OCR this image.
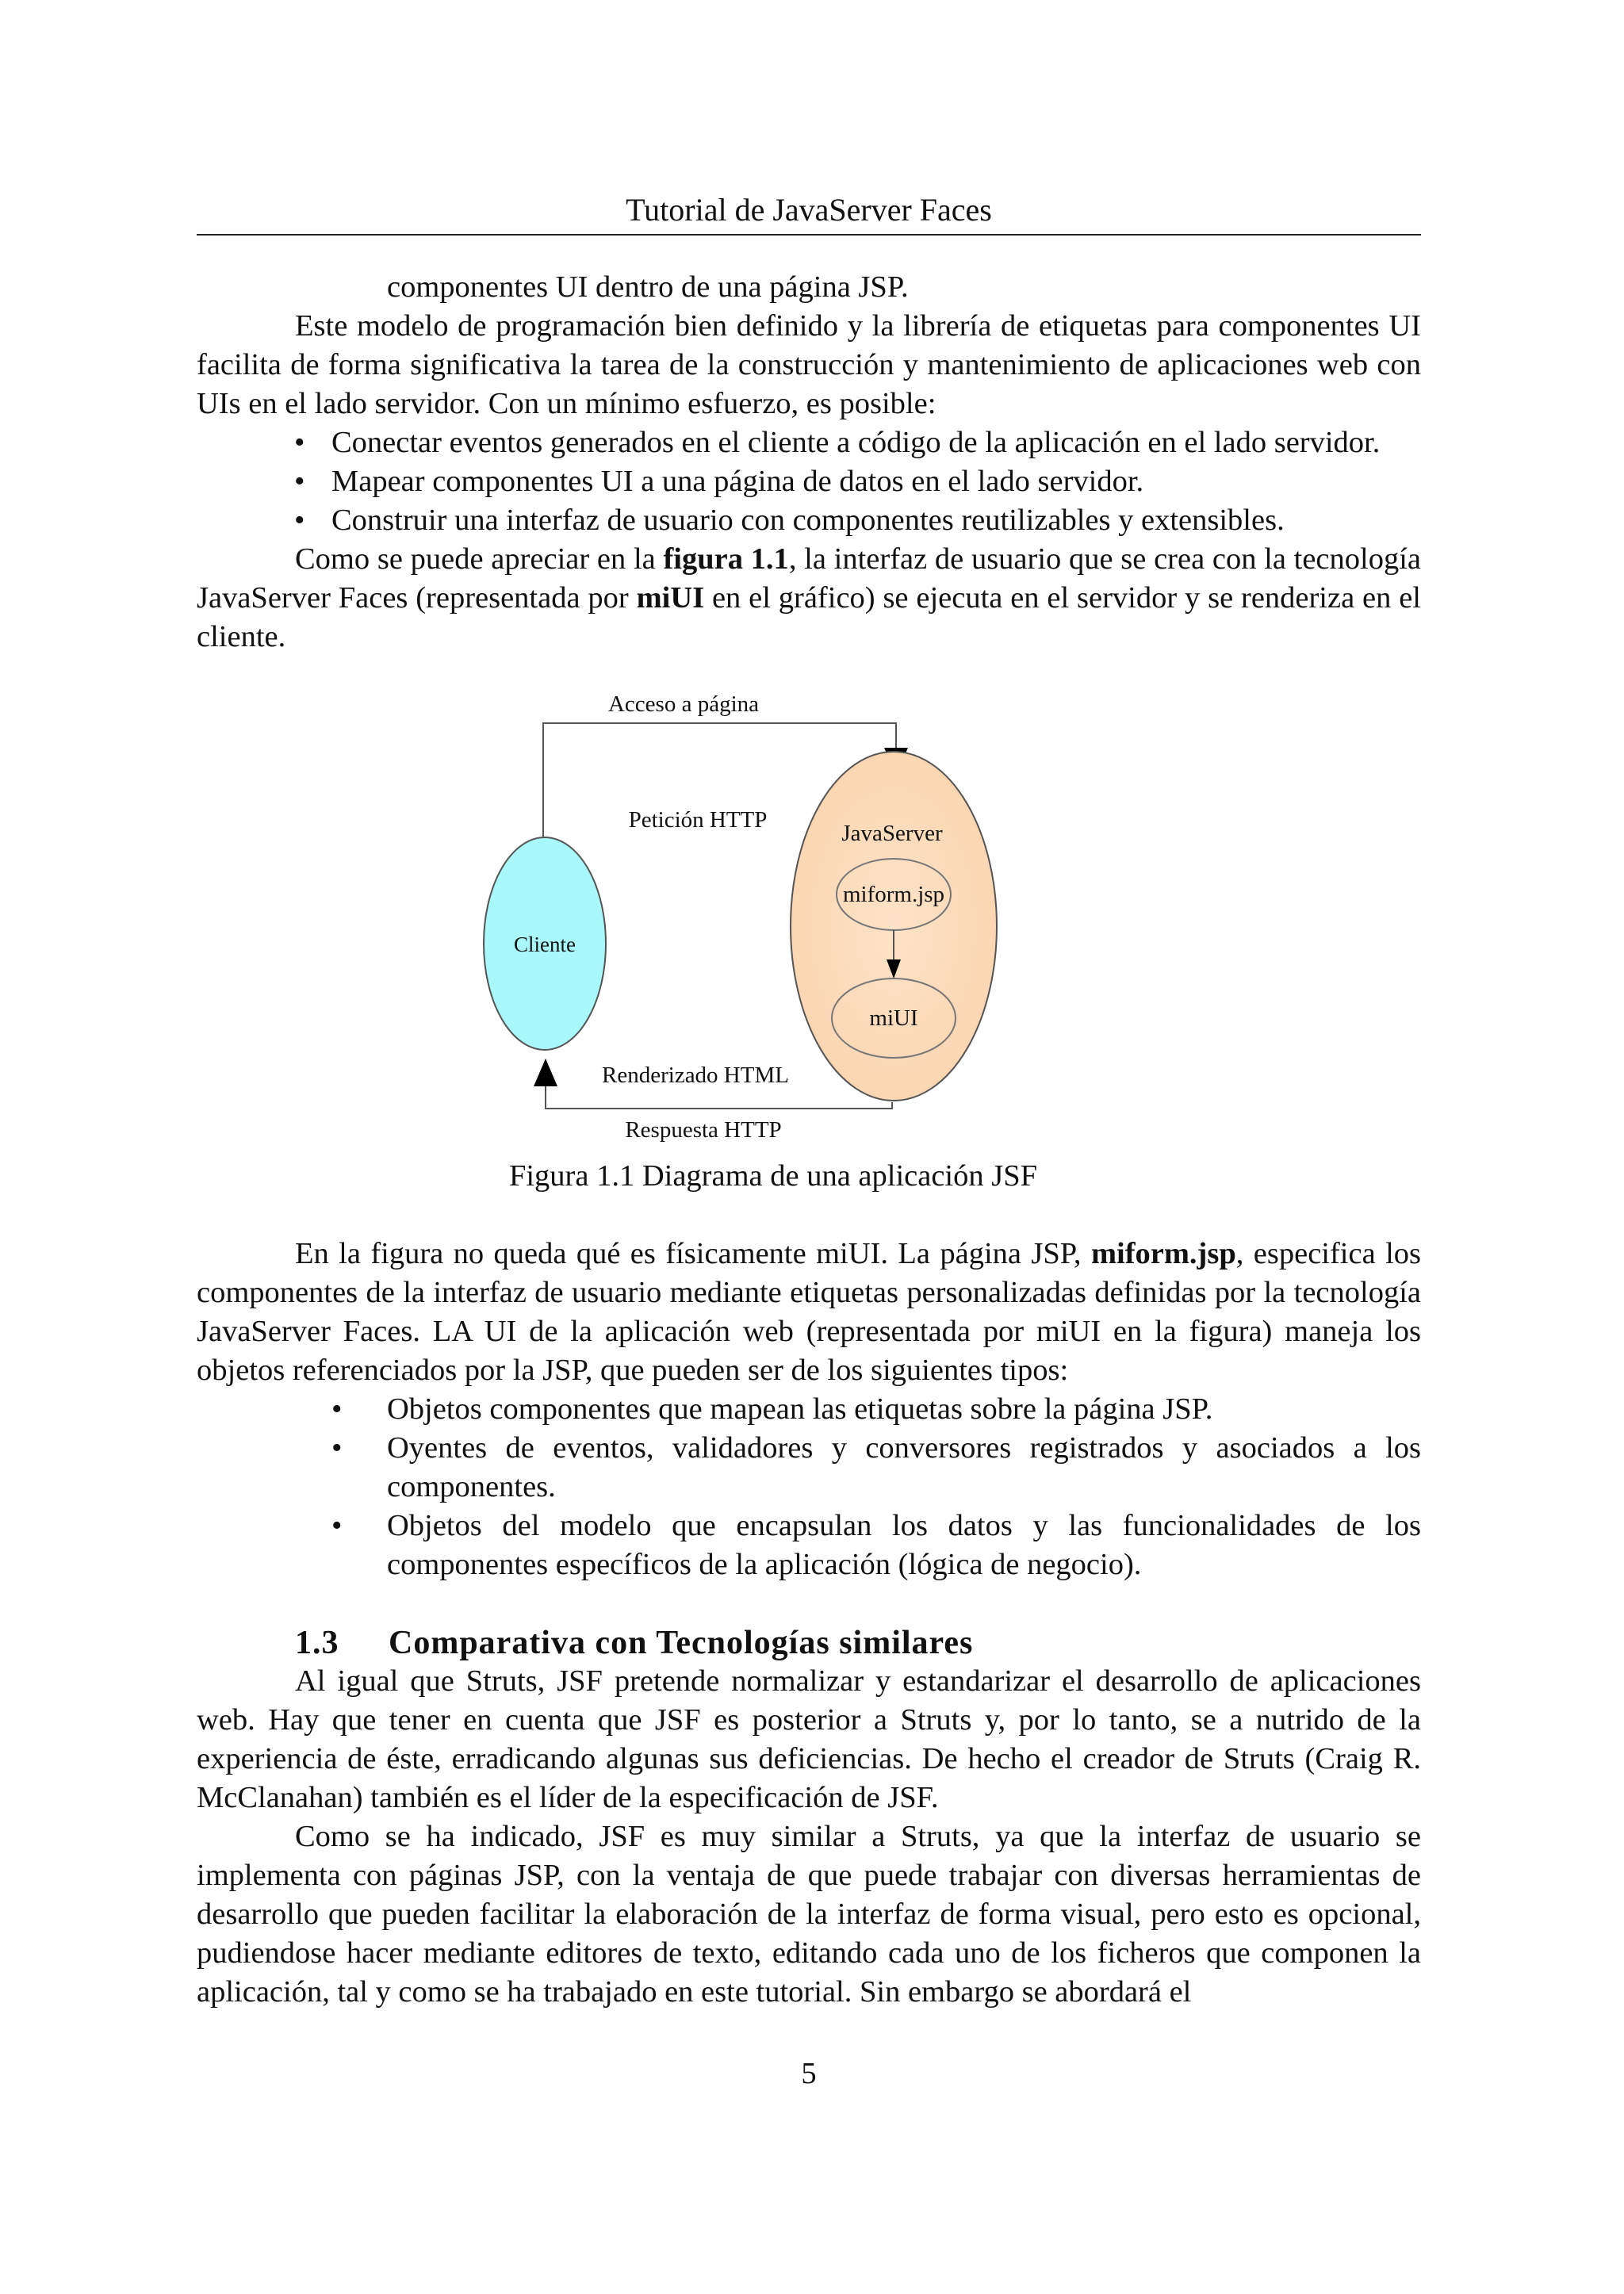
Tutorial de JavaServer Faces

componentes UI dentro de una página JSP.

Este modelo de programación bien definido y la librería de etiquetas para componentes UI facilita de forma significativa la tarea de la construcción y mantenimiento de aplicaciones web con UIs en el lado servidor. Con un mínimo esfuerzo, es posible:

• Conectar eventos generados en el cliente a código de la aplicación en el lado servidor.
• Mapear componentes UI a una página de datos en el lado servidor.
• Construir una interfaz de usuario con componentes reutilizables y extensibles.

Como se puede apreciar en la figura 1.1, la interfaz de usuario que se crea con la tecnología JavaServer Faces (representada por miUI en el gráfico) se ejecuta en el servidor y se renderiza en el cliente.

Acceso a página
Petición HTTP
Cliente
JavaServer
miform.jsp
miUI
Renderizado HTML
Respuesta HTTP
Figura 1.1 Diagrama de una aplicación JSF

En la figura no queda qué es físicamente miUI. La página JSP, miform.jsp, especifica los componentes de la interfaz de usuario mediante etiquetas personalizadas definidas por la tecnología JavaServer Faces. LA UI de la aplicación web (representada por miUI en la figura) maneja los objetos referenciados por la JSP, que pueden ser de los siguientes tipos:

• Objetos componentes que mapean las etiquetas sobre la página JSP.
• Oyentes de eventos, validadores y conversores registrados y asociados a los componentes.
• Objetos del modelo que encapsulan los datos y las funcionalidades de los componentes específicos de la aplicación (lógica de negocio).
1.3 Comparativa con Tecnologías similares

Al igual que Struts, JSF pretende normalizar y estandarizar el desarrollo de aplicaciones web. Hay que tener en cuenta que JSF es posterior a Struts y, por lo tanto, se a nutrido de la experiencia de éste, erradicando algunas sus deficiencias. De hecho el creador de Struts (Craig R. McClanahan) también es el líder de la especificación de JSF.

Como se ha indicado, JSF es muy similar a Struts, ya que la interfaz de usuario se implementa con páginas JSP, con la ventaja de que puede trabajar con diversas herramientas de desarrollo que pueden facilitar la elaboración de la interfaz de forma visual, pero esto es opcional, pudiendose hacer mediante editores de texto, editando cada uno de los ficheros que componen la aplicación, tal y como se ha trabajado en este tutorial. Sin embargo se abordará el

5
